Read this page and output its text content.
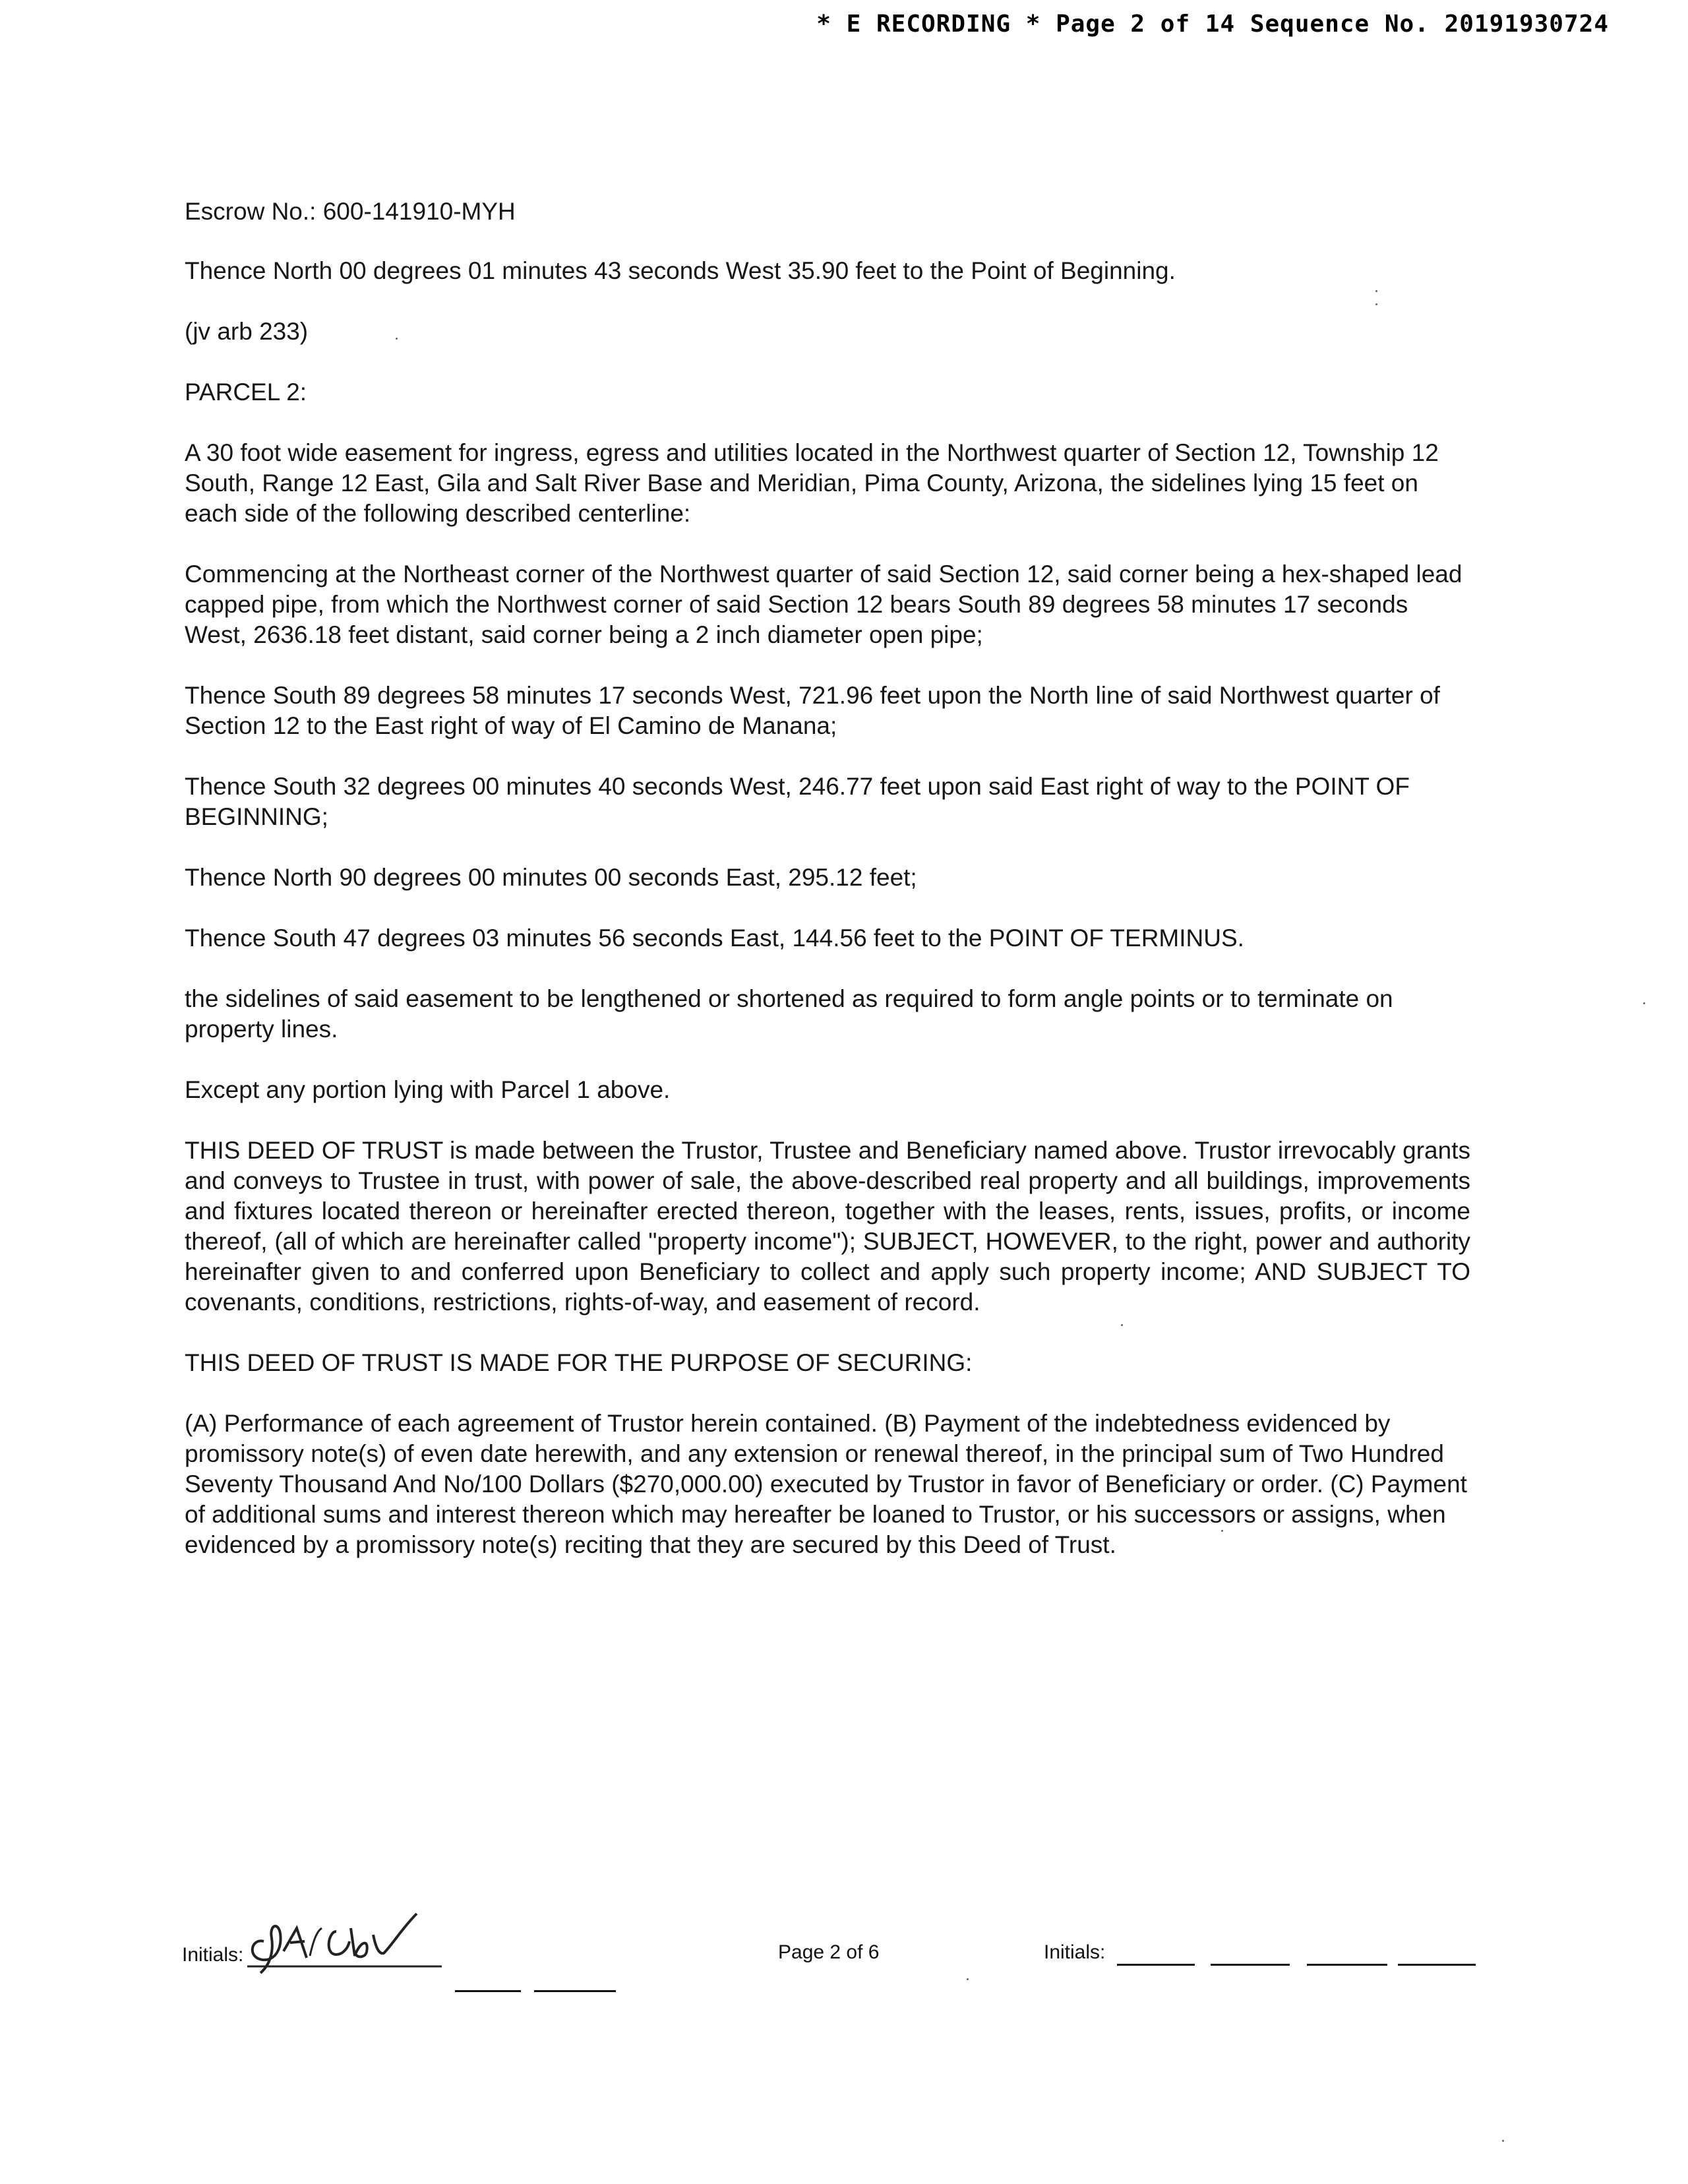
* E RECORDING * Page 2 of 14 Sequence No. 20191930724

Escrow No.: 600-141910-MYH

Thence North 00 degrees 01 minutes 43 seconds West 35.90 feet to the Point of Beginning.

(jv arb 233)

PARCEL 2:

A 30 foot wide easement for ingress, egress and utilities located in the Northwest quarter of Section 12, Township 12 South, Range 12 East, Gila and Salt River Base and Meridian, Pima County, Arizona, the sidelines lying 15 feet on each side of the following described centerline:

Commencing at the Northeast corner of the Northwest quarter of said Section 12, said corner being a hex-shaped lead capped pipe, from which the Northwest corner of said Section 12 bears South 89 degrees 58 minutes 17 seconds West, 2636.18 feet distant, said corner being a 2 inch diameter open pipe;

Thence South 89 degrees 58 minutes 17 seconds West, 721.96 feet upon the North line of said Northwest quarter of Section 12 to the East right of way of El Camino de Manana;

Thence South 32 degrees 00 minutes 40 seconds West, 246.77 feet upon said East right of way to the POINT OF BEGINNING;

Thence North 90 degrees 00 minutes 00 seconds East, 295.12 feet;

Thence South 47 degrees 03 minutes 56 seconds East, 144.56 feet to the POINT OF TERMINUS.

the sidelines of said easement to be lengthened or shortened as required to form angle points or to terminate on property lines.

Except any portion lying with Parcel 1 above.

THIS DEED OF TRUST is made between the Trustor, Trustee and Beneficiary named above. Trustor irrevocably grants and conveys to Trustee in trust, with power of sale, the above-described real property and all buildings, improvements and fixtures located thereon or hereinafter erected thereon, together with the leases, rents, issues, profits, or income thereof, (all of which are hereinafter called "property income"); SUBJECT, HOWEVER, to the right, power and authority hereinafter given to and conferred upon Beneficiary to collect and apply such property income; AND SUBJECT TO covenants, conditions, restrictions, rights-of-way, and easement of record.

THIS DEED OF TRUST IS MADE FOR THE PURPOSE OF SECURING:

(A) Performance of each agreement of Trustor herein contained. (B) Payment of the indebtedness evidenced by promissory note(s) of even date herewith, and any extension or renewal thereof, in the principal sum of Two Hundred Seventy Thousand And No/100 Dollars ($270,000.00) executed by Trustor in favor of Beneficiary or order. (C) Payment of additional sums and interest thereon which may hereafter be loaned to Trustor, or his successors or assigns, when evidenced by a promissory note(s) reciting that they are secured by this Deed of Trust.

Initials:	Page 2 of 6	Initials:
